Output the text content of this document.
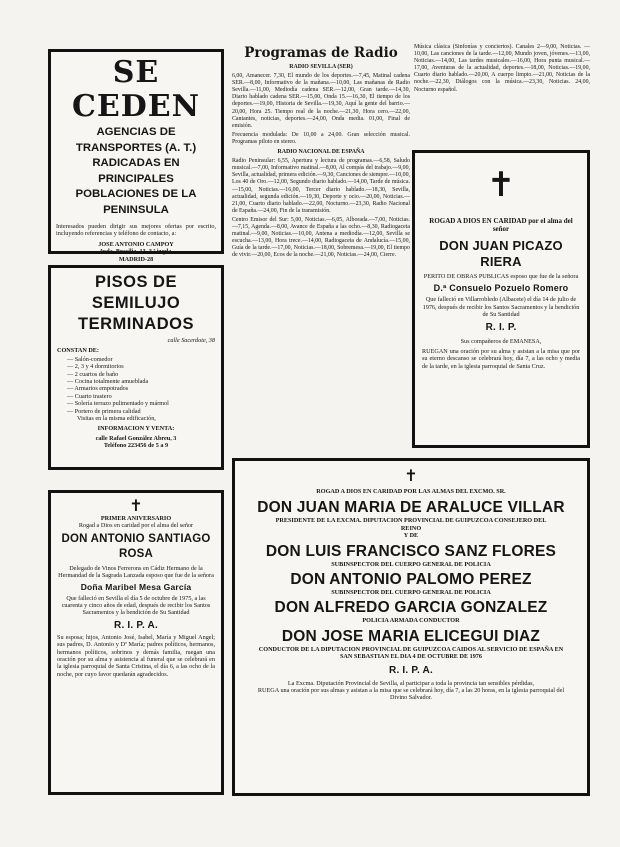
SE CEDEN
AGENCIAS DE TRANSPORTES (A. T.) RADICADAS EN PRINCIPALES POBLACIONES DE LA PENINSULA
Interesados pueden dirigir sus mejores ofertas por escrito, incluyendo referencias y teléfono de contacto, a:
JOSE ANTONIO CAMPOY
Avda. Brasilia, 13, 3.ª izqda.
MADRID-28
PISOS DE SEMILUJO TERMINADOS
calle Sacerdote, 38
CONSTAN DE:
— Salón-comedor
— 2, 3 y 4 dormitorios
— 2 cuartos de baño
— Cocina totalmente amueblada
— Armarios empotrados
— Cuarto trastero
— Solería terrazo pulimentado y mármol
— Portero de primera calidad
Visitas en la misma edificación,
INFORMACION Y VENTA:
calle Rafael González Abreu, 3
Teléfono 223456 de 5 a 9
✝
PRIMER ANIVERSARIO
Rogad a Dios en caridad por el alma del señor
DON ANTONIO SANTIAGO ROSA
Delegado de Vinos Ferrerons en Cádiz Hermano de la Hermandad de la Sagrada Lanzada esposo que fue de la señora
Doña Maribel Mesa García
Que falleció en Sevilla el día 5 de octubre de 1975, a las cuarenta y cinco años de edad, después de recibir los Santos Sacramentos y la bendición de Su Santidad
R. I. P. A.
Su esposa; hijos, Antonio José, Isabel, María y Miguel Angel; sus padres, D. Antonio y Dª María; padres políticos, hermanos, hermanos políticos, sobrinos y demás familia, ruegan una oración por su alma y asistencia al funeral que se celebrará en la iglesia parroquial de Santa Cristina, el día 6, a las ocho de la noche, por cuyo favor quedarán agradecidos.
Programas de Radio
RADIO SEVILLA (SER)

6,00, Amanecer. 7,30, El mundo de los deportes.—7,45, Matinal cadena SER.—8,00, Informativo de la mañana.—10,00, Las mañanas de Radio Sevilla.—11,00, Mediodía cadena SER.—12,00, Gran tarde.—14,30, Diario hablado cadena SER.—15,00, Onda 15.—16,30, El tiempo de los deportes.—19,00, Historia de Sevilla.—19,30, Aquí la gente del barrio.—20,00, Hora 25. Tiempo real de la noche.—21,30, Hora cero.—22,00, Cantantes, noticias, deportes.—24,00, Onda media. 01,00, Final de emisión.

Frecuencia modulada: De 10,00 a 24,00. Gran selección musical. Programas piloto en stereo.

RADIO NACIONAL DE ESPAÑA

Radio Peninsular: 6,55, Apertura y lectura de programas.—6,58, Saludo musical.—7,00, Informativo matinal.—8,00, Al compás del trabajo.—9,00, Sevilla, actualidad, primera edición.—9,30, Canciones de siempre.—10,00, Los 40 de Oro.—12,00, Segundo diario hablado.—14,00, Tarde de música.—15,00, Noticias.—16,00, Tercer diario hablado.—18,30, Sevilla, actualidad, segunda edición.—19,30, Deporte y ocio.—20,00, Noticias.—21,00, Cuarto diario hablado.—22,00, Nocturno.—23,30, Radio Nacional de España.—24,00, Fin de la transmisión.

Centro Emisor del Sur: 5,00, Noticias.—6,05, Alborada.—7,00, Noticias.—7,15, Agenda.—8,00, Avance de España a las ocho.—8,30, Radiogaceta matinal.—9,00, Noticias.—10,00, Antena a mediodía.—12,00, Sevilla se escucha.—13,00, Hora trece.—14,00, Radiogaceta de Andalucía.—15,00, Guía de la tarde.—17,00, Noticias.—18,00, Sobremesa.—19,00, El tiempo de vivir.—20,00, Ecos de la noche.—21,00, Noticias.—24,00, Cierre.

Música clásica (Sinfonías y conciertos). Canales 2—9,00, Noticias. —10,00, Las canciones de la tarde.—12,00, Mundo joven, jóvenes.—13,00, Noticias.—14,00, Las tardes musicales.—16,00, Hora punta musical.—17,00, Aventuras de la actualidad, deportes.—18,00, Noticias.—19,00, Cuarto diario hablado.—20,00, A cuerpo limpio.—21,00, Noticias de la noche.—22,30, Diálogos con la música.—23,30, Noticias. 24,00, Nocturno español.

✝
ROGAD A DIOS EN CARIDAD por el alma del señor
DON JUAN PICAZO RIERA
PERITO DE OBRAS PUBLICAS esposo que fue de la señora
D.ª Consuelo Pozuelo Romero
Que falleció en Villarrobledo (Albacete) el día 14 de julio de 1976, después de recibir los Santos Sacramentos y la bendición de Su Santidad
R. I. P.
Sus compañeros de EMANESA,
RUEGAN una oración por su alma y asistan a la misa que por su eterno descanso se celebrará hoy, día 7, a las ocho y media de la tarde, en la iglesia parroquial de Santa Cruz.
✝
ROGAD A DIOS EN CARIDAD POR LAS ALMAS DEL EXCMO. SR.
DON JUAN MARIA DE ARALUCE VILLAR
PRESIDENTE DE LA EXCMA. DIPUTACION PROVINCIAL DE GUIPUZCOA CONSEJERO DEL REINO
Y DE
DON LUIS FRANCISCO SANZ FLORES
SUBINSPECTOR DEL CUERPO GENERAL DE POLICIA
DON ANTONIO PALOMO PEREZ
SUBINSPECTOR DEL CUERPO GENERAL DE POLICIA
DON ALFREDO GARCIA GONZALEZ
POLICIA ARMADA CONDUCTOR
DON JOSE MARIA ELICEGUI DIAZ
CONDUCTOR DE LA DIPUTACION PROVINCIAL DE GUIPUZCOA CAIDOS AL SERVICIO DE ESPAÑA EN SAN SEBASTIAN EL DIA 4 DE OCTUBRE DE 1976
R. I. P. A.
La Excma. Diputación Provincial de Sevilla, al participar a toda la provincia tan sensibles pérdidas,
RUEGA una oración por sus almas y asistan a la misa que se celebrará hoy, día 7, a las 20 horas, en la iglesia parroquial del Divino Salvador.
